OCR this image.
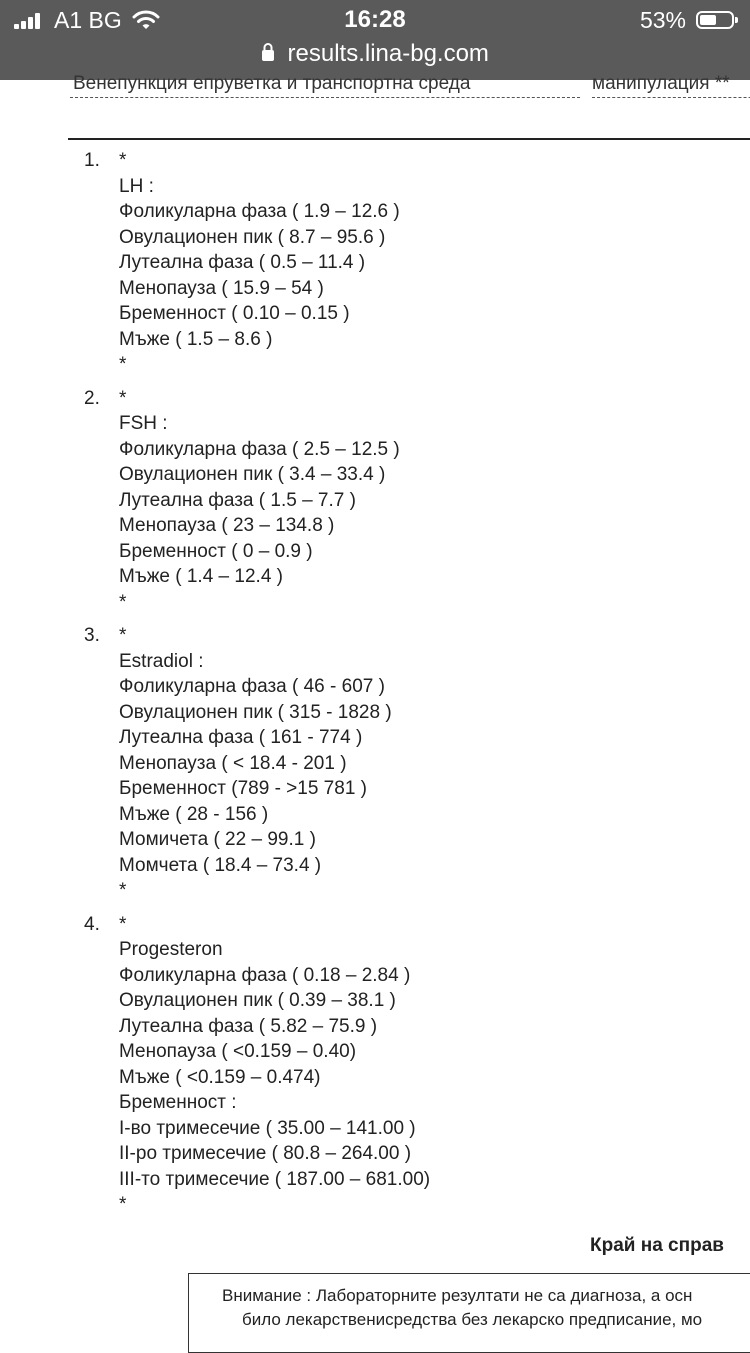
A1 BG	16:28	53%
results.lina-bg.com
Венепункция епруветка и транспортна среда	манипулация **
1. *
LH :
Фоликуларна фаза ( 1.9 – 12.6 )
Овулационен пик ( 8.7 – 95.6 )
Лутеална фаза ( 0.5 – 11.4 )
Менопауза ( 15.9 – 54 )
Бременност ( 0.10 – 0.15 )
Мъже ( 1.5 – 8.6 )
*
2. *
FSH :
Фоликуларна фаза ( 2.5 – 12.5 )
Овулационен пик ( 3.4 – 33.4 )
Лутеална фаза ( 1.5 – 7.7 )
Менопауза ( 23 – 134.8 )
Бременност ( 0 – 0.9 )
Мъже ( 1.4 – 12.4 )
*
3. *
Estradiol :
Фоликуларна фаза ( 46 - 607 )
Овулационен пик ( 315 - 1828 )
Лутеална фаза ( 161 - 774 )
Менопауза ( < 18.4 - 201 )
Бременност (789 - >15 781 )
Мъже ( 28 - 156 )
Момичета ( 22 – 99.1 )
Момчета ( 18.4 – 73.4 )
*
4. *
Progesteron
Фоликуларна фаза ( 0.18 – 2.84 )
Овулационен пик ( 0.39 – 38.1 )
Лутеална фаза ( 5.82 – 75.9 )
Менопауза ( <0.159 – 0.40)
Мъже ( <0.159 – 0.474)
Бременност :
I-во тримесечие ( 35.00 – 141.00 )
II-ро тримесечие ( 80.8 – 264.00 )
III-то тримесечие ( 187.00 – 681.00)
*
Край на справ
Внимание : Лабораторните резултати не са диагноза, а осн
било лекарственисредства без лекарско предписание, мо
